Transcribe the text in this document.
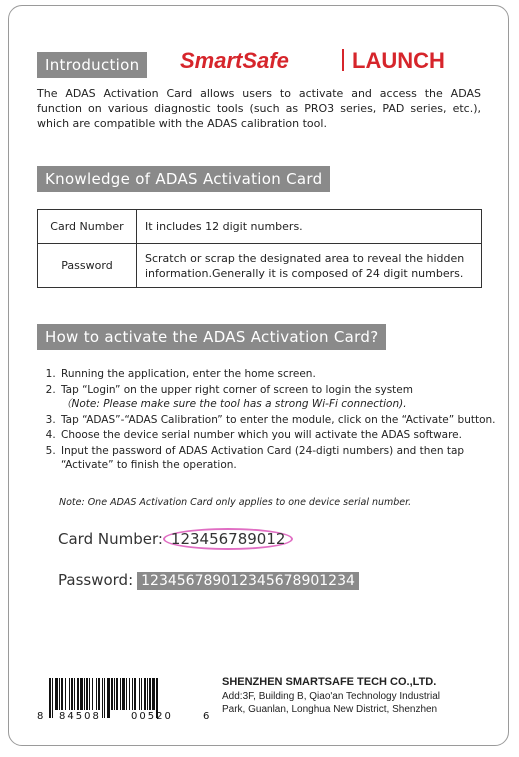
Introduction	SmartSafe	LAUNCH
The ADAS Activation Card allows users to activate and access the ADAS function on various diagnostic tools (such as PRO3 series, PAD series, etc.), which are compatible with the ADAS calibration tool.
Knowledge of ADAS Activation Card
Card Number	It includes 12 digit numbers.
Password	Scratch or scrap the designated area to reveal the hidden information.Generally it is composed of 24 digit numbers.
How to activate the ADAS Activation Card?
1. Running the application, enter the home screen.
2. Tap “Login” on the upper right corner of screen to login the system
（Note: Please make sure the tool has a strong Wi-Fi connection).
3. Tap “ADAS”-“ADAS Calibration” to enter the module, click on the “Activate” button.
4. Choose the device serial number which you will activate the ADAS software.
5. Input the password of ADAS Activation Card (24-digti numbers) and then tap “Activate” to finish the operation.
Note: One ADAS Activation Card only applies to one device serial number.
Card Number: 123456789012
Password: 123456789012345678901234
8 84508	00520	6
SHENZHEN SMARTSAFE TECH CO.,LTD.
Add:3F, Building B, Qiao'an Technology Industrial
Park, Guanlan, Longhua New District, Shenzhen
